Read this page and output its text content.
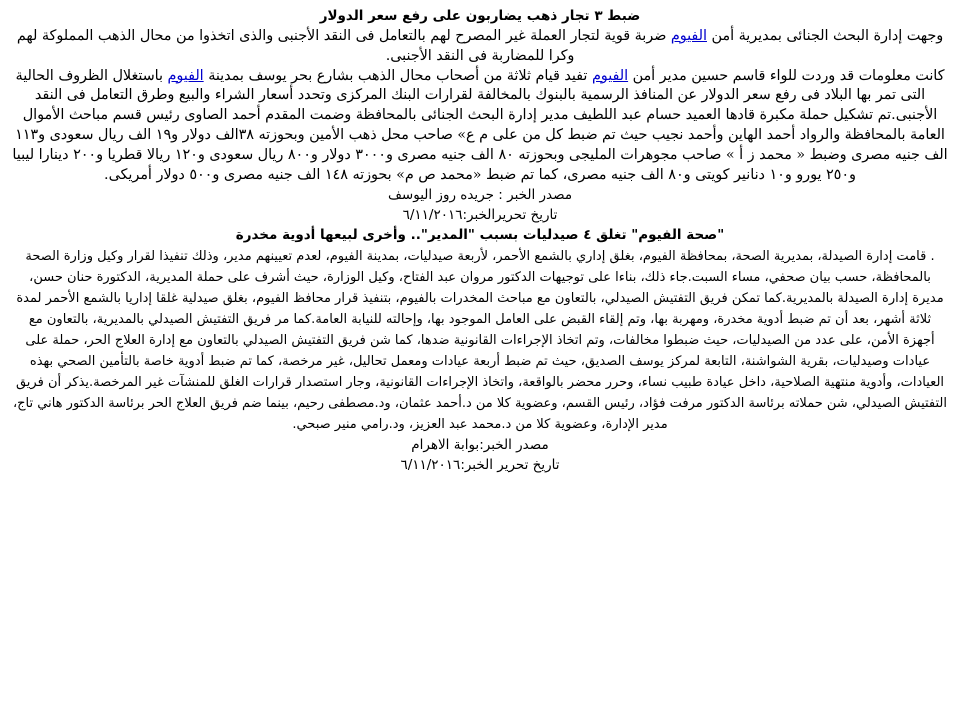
ضبط ٣ تجار ذهب يضاربون على رفع سعر الدولار

وجهت إدارة البحث الجنائى بمديرية أمن الفيوم ضربة قوية لتجار العملة غير المصرح لهم بالتعامل فى النقد الأجنبى والذى اتخذوا من محال الذهب المملوكة لهم وكرا للمضاربة فى النقد الأجنبى.

كانت معلومات قد وردت للواء قاسم حسين مدير أمن الفيوم تفيد قيام ثلاثة من أصحاب محال الذهب بشارع بحر يوسف بمدينة الفيوم باستغلال الظروف الحالية التى تمر بها البلاد فى رفع سعر الدولار عن المنافذ الرسمية بالبنوك بالمخالفة لقرارات البنك المركزى وتحدد أسعار الشراء والبيع وطرق التعامل فى النقد الأجنبى.تم تشكيل حملة مكبرة قادها العميد حسام عبد اللطيف مدير إدارة البحث الجنائى بالمحافظة وضمت المقدم أحمد الصاوى رئيس قسم مباحث الأموال العامة بالمحافظة والرواد أحمد الهاين وأحمد نجيب حيث تم ضبط كل من على م ع» صاحب محل ذهب الأمين وبحوزته ٣٨الف دولار و١٩ الف ريال سعودى و١١٣ الف جنيه مصرى وضبط « محمد ز أ » صاحب مجوهرات المليجى وبحوزته ٨٠ الف جنيه مصرى و٣٠٠٠ دولار و٨٠٠ ريال سعودى و١٢٠ ريالا قطريا و٢٠٠ دينارا ليبيا و٢٥٠ يورو و١٠ دنانير كويتى و٨٠ الف جنيه مصرى، كما تم ضبط «محمد ص م» بحوزته ١٤٨ الف جنيه مصرى و٥٠٠ دولار أمريكى.

مصدر الخبر : جريده روز اليوسف

تاريخ تحريرالخبر:٦/١١/٢٠١٦

"صحة الفيوم" تغلق ٤ صيدليات بسبب "المدير".. وأخرى لبيعها أدوية مخدرة

. قامت إدارة الصيدلة، بمديرية الصحة، بمحافظة الفيوم، بغلق إداري بالشمع الأحمر، لأربعة صيدليات، بمدينة الفيوم، لعدم تعيينهم مدير، وذلك تنفيذا لقرار وكيل وزارة الصحة بالمحافظة، حسب بيان صحفي، مساء السبت.جاء ذلك، بناءا على توجيهات الدكتور مروان عبد الفتاح، وكيل الوزارة، حيث أشرف على حملة المديرية، الدكتورة حنان حسن، مديرة إدارة الصيدلة بالمديرية.كما تمكن فريق التفتيش الصيدلي، بالتعاون مع مباحث المخدرات بالفيوم، بتنفيذ قرار محافظ الفيوم، بغلق صيدلية غلقا إداريا بالشمع الأحمر لمدة ثلاثة أشهر، بعد أن تم ضبط أدوية مخدرة، ومهربة بها، وتم إلقاء القبض على العامل الموجود بها، وإحالته للنيابة العامة.كما مر فريق التفتيش الصيدلي بالمديرية، بالتعاون مع أجهزة الأمن، على عدد من الصيدليات، حيث ضبطوا مخالفات، وتم اتخاذ الإجراءات القانونية ضدها، كما شن فريق التفتيش الصيدلي بالتعاون مع إدارة العلاج الحر، حملة على عيادات وصيدليات، بقرية الشواشنة، التابعة لمركز يوسف الصديق، حيث تم ضبط أربعة عيادات ومعمل تحاليل، غير مرخصة، كما تم ضبط أدوية خاصة بالتأمين الصحي بهذه العيادات، وأدوية منتهية الصلاحية، داخل عيادة طبيب نساء، وحرر محضر بالواقعة، واتخاذ الإجراءات القانونية، وجار استصدار قرارات الغلق للمنشآت غير المرخصة.يذكر أن فريق التفتيش الصيدلي، شن حملاته برئاسة الدكتور مرفت فؤاد، رئيس القسم، وعضوية كلا من د.أحمد عثمان، ود.مصطفى رحيم، بينما ضم فريق العلاج الحر برئاسة الدكتور هاني تاج، مدير الإدارة، وعضوية كلا من د.محمد عبد العزيز، ود.رامي منير صبحي.

مصدر الخبر:بوابة الاهرام

تاريخ تحرير الخبر:٦/١١/٢٠١٦
